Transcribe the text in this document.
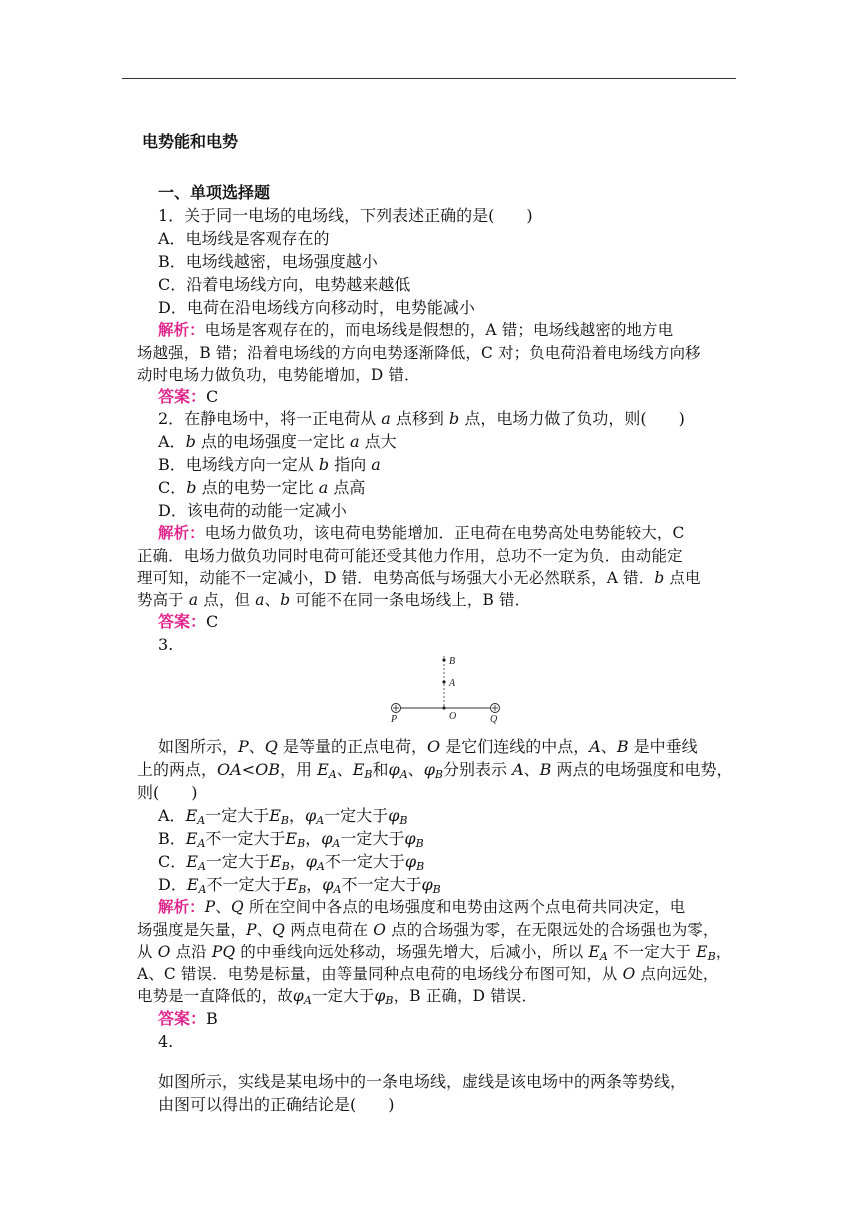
电势能和电势
一、单项选择题
1．关于同一电场的电场线，下列表述正确的是(　　)
A．电场线是客观存在的
B．电场线越密，电场强度越小
C．沿着电场线方向，电势越来越低
D．电荷在沿电场线方向移动时，电势能减小
解析：电场是客观存在的，而电场线是假想的，A 错；电场线越密的地方电
场越强，B 错；沿着电场线的方向电势逐渐降低，C 对；负电荷沿着电场线方向移
动时电场力做负功，电势能增加，D 错．
答案：C
2．在静电场中，将一正电荷从 a 点移到 b 点，电场力做了负功，则(　　)
A．b 点的电场强度一定比 a 点大
B．电场线方向一定从 b 指向 a
C．b 点的电势一定比 a 点高
D．该电荷的动能一定减小
解析：电场力做负功，该电荷电势能增加．正电荷在电势高处电势能较大，C
正确．电场力做负功同时电荷可能还受其他力作用，总功不一定为负．由动能定
理可知，动能不一定减小，D 错．电势高低与场强大小无必然联系，A 错．b 点电
势高于 a 点，但 a、b 可能不在同一条电场线上，B 错．
答案：C
3.
B
A
O
P	Q
如图所示，P、Q 是等量的正点电荷，O 是它们连线的中点，A、B 是中垂线
上的两点，OA<OB，用 $E_A$、$E_B$和$\varphi_A$、$\varphi_B$分别表示 A、B 两点的电场强度和电势，
则(　　)
A．$E_A$一定大于$E_B$，$\varphi_A$一定大于$\varphi_B$
B．$E_A$不一定大于$E_B$，$\varphi_A$一定大于$\varphi_B$
C．$E_A$一定大于$E_B$，$\varphi_A$不一定大于$\varphi_B$
D．$E_A$不一定大于$E_B$，$\varphi_A$不一定大于$\varphi_B$
解析：P、Q 所在空间中各点的电场强度和电势由这两个点电荷共同决定，电
场强度是矢量，P、Q 两点电荷在 O 点的合场强为零，在无限远处的合场强也为零，
从 O 点沿 PQ 的中垂线向远处移动，场强先增大，后减小，所以 $E_A$ 不一定大于 $E_B$，
A、C 错误．电势是标量，由等量同种点电荷的电场线分布图可知，从 O 点向远处，
电势是一直降低的，故$\varphi_A$一定大于$\varphi_B$，B 正确，D 错误．
答案：B
4.
如图所示，实线是某电场中的一条电场线，虚线是该电场中的两条等势线，
由图可以得出的正确结论是(　　)
